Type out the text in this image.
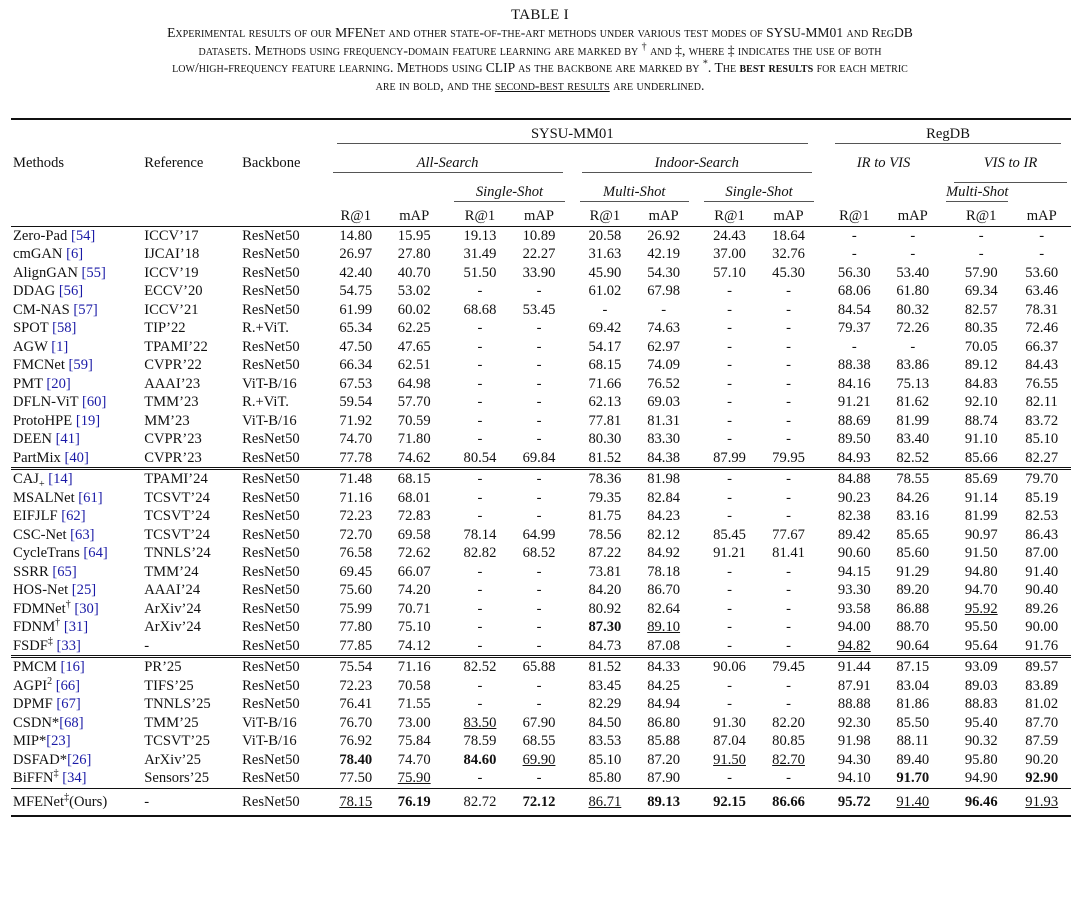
TABLE I
Experimental results of our MFENet and other state-of-the-art methods under various test modes of SYSU-MM01 and RegDB
datasets. Methods using frequency-domain feature learning are marked by † and ‡, where ‡ indicates the use of both
low/high-frequency feature learning. Methods using CLIP as the backbone are marked by *. The best results for each metric
are in bold, and the second-best results are underlined.
Methods	Reference	Backbone	SYSU-MM01												RegDB					

			All-Search						Indoor-Search						IR to VIS			VIS to IR		

						Single-Shot			Multi-Shot			Single-Shot					Multi-Shot			

			R@1	mAP		R@1	mAP		R@1	mAP		R@1	mAP		R@1	mAP		R@1	mAP	
Zero-Pad [54]	ICCV’17	ResNet50	14.80	15.95		19.13	10.89		20.58	26.92		24.43	18.64		-	-		-	-	
cmGAN [6]	IJCAI’18	ResNet50	26.97	27.80		31.49	22.27		31.63	42.19		37.00	32.76		-	-		-	-	
AlignGAN [55]	ICCV’19	ResNet50	42.40	40.70		51.50	33.90		45.90	54.30		57.10	45.30		56.30	53.40		57.90	53.60	
DDAG [56]	ECCV’20	ResNet50	54.75	53.02		-	-		61.02	67.98		-	-		68.06	61.80		69.34	63.46	
CM-NAS [57]	ICCV’21	ResNet50	61.99	60.02		68.68	53.45		-	-		-	-		84.54	80.32		82.57	78.31	
SPOT [58]	TIP’22	R.+ViT.	65.34	62.25		-	-		69.42	74.63		-	-		79.37	72.26		80.35	72.46	
AGW [1]	TPAMI’22	ResNet50	47.50	47.65		-	-		54.17	62.97		-	-		-	-		70.05	66.37	
FMCNet [59]	CVPR’22	ResNet50	66.34	62.51		-	-		68.15	74.09		-	-		88.38	83.86		89.12	84.43	
PMT [20]	AAAI’23	ViT-B/16	67.53	64.98		-	-		71.66	76.52		-	-		84.16	75.13		84.83	76.55	
DFLN-ViT [60]	TMM’23	R.+ViT.	59.54	57.70		-	-		62.13	69.03		-	-		91.21	81.62		92.10	82.11	
ProtoHPE [19]	MM’23	ViT-B/16	71.92	70.59		-	-		77.81	81.31		-	-		88.69	81.99		88.74	83.72	
DEEN [41]	CVPR’23	ResNet50	74.70	71.80		-	-		80.30	83.30		-	-		89.50	83.40		91.10	85.10	
PartMix [40]	CVPR’23	ResNet50	77.78	74.62		80.54	69.84		81.52	84.38		87.99	79.95		84.93	82.52		85.66	82.27	
$CAJ_+$ [14]	TPAMI’24	ResNet50	71.48	68.15		-	-		78.36	81.98		-	-		84.88	78.55		85.69	79.70	
MSALNet [61]	TCSVT’24	ResNet50	71.16	68.01		-	-		79.35	82.84		-	-		90.23	84.26		91.14	85.19	
EIFJLF [62]	TCSVT’24	ResNet50	72.23	72.83		-	-		81.75	84.23		-	-		82.38	83.16		81.99	82.53	
CSC-Net [63]	TCSVT’24	ResNet50	72.70	69.58		78.14	64.99		78.56	82.12		85.45	77.67		89.42	85.65		90.97	86.43	
CycleTrans [64]	TNNLS’24	ResNet50	76.58	72.62		82.82	68.52		87.22	84.92		91.21	81.41		90.60	85.60		91.50	87.00	
SSRR [65]	TMM’24	ResNet50	69.45	66.07		-	-		73.81	78.18		-	-		94.15	91.29		94.80	91.40	
HOS-Net [25]	AAAI’24	ResNet50	75.60	74.20		-	-		84.20	86.70		-	-		93.30	89.20		94.70	90.40	
FDMNet† [30]	ArXiv’24	ResNet50	75.99	70.71		-	-		80.92	82.64		-	-		93.58	86.88		95.92	89.26	
FDNM† [31]	ArXiv’24	ResNet50	77.80	75.10		-	-		87.30	89.10		-	-		94.00	88.70		95.50	90.00	
FSDF‡ [33]	-	ResNet50	77.85	74.12		-	-		84.73	87.08		-	-		94.82	90.64		95.64	91.76	
PMCM [16]	PR’25	ResNet50	75.54	71.16		82.52	65.88		81.52	84.33		90.06	79.45		91.44	87.15		93.09	89.57	
AGPI$^2$ [66]	TIFS’25	ResNet50	72.23	70.58		-	-		83.45	84.25		-	-		87.91	83.04		89.03	83.89	
DPMF [67]	TNNLS’25	ResNet50	76.41	71.55		-	-		82.29	84.94		-	-		88.88	81.86		88.83	81.02	
CSDN*[68]	TMM’25	ViT-B/16	76.70	73.00		83.50	67.90		84.50	86.80		91.30	82.20		92.30	85.50		95.40	87.70	
MIP*[23]	TCSVT’25	ViT-B/16	76.92	75.84		78.59	68.55		83.53	85.88		87.04	80.85		91.98	88.11		90.32	87.59	
DSFAD*[26]	ArXiv’25	ResNet50	78.40	74.70		84.60	69.90		85.10	87.20		91.50	82.70		94.30	89.40		95.80	90.20	
BiFFN‡ [34]	Sensors’25	ResNet50	77.50	75.90		-	-		85.80	87.90		-	-		94.10	91.70		94.90	92.90	
MFENet‡(Ours)	-	ResNet50	78.15	76.19		82.72	72.12		86.71	89.13		92.15	86.66		95.72	91.40		96.46	91.93	
